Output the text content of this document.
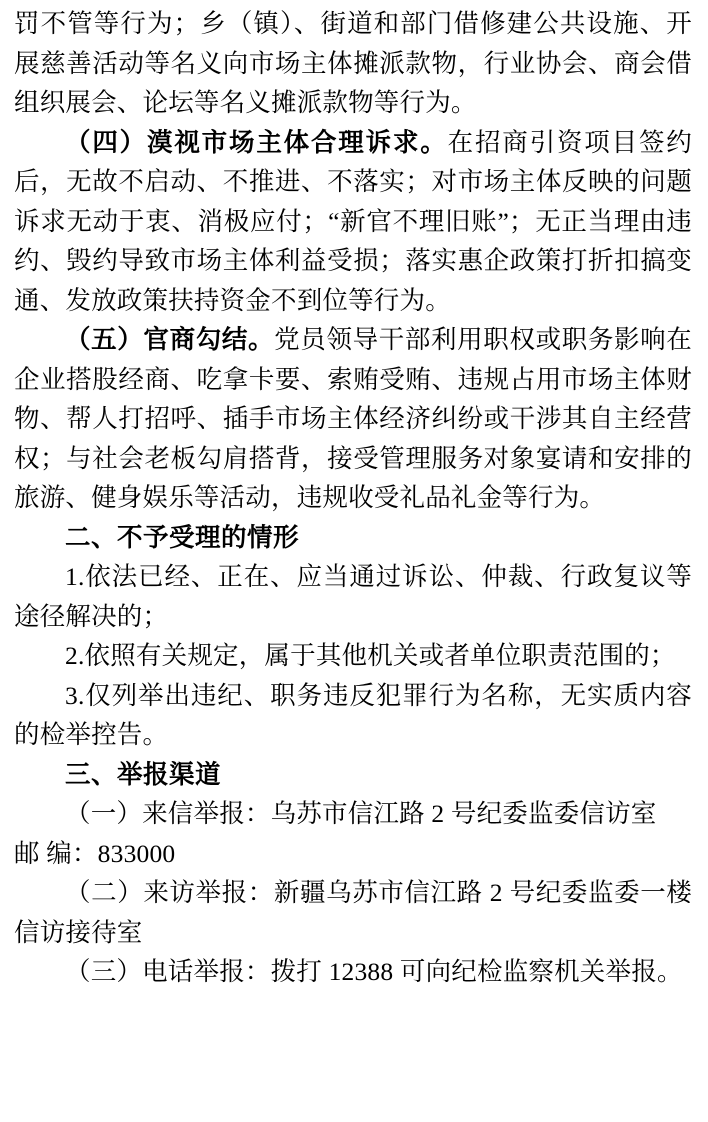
罚不管等行为；乡（镇）、街道和部门借修建公共设施、开展慈善活动等名义向市场主体摊派款物，行业协会、商会借组织展会、论坛等名义摊派款物等行为。

（四）漠视市场主体合理诉求。在招商引资项目签约后，无故不启动、不推进、不落实；对市场主体反映的问题诉求无动于衷、消极应付；“新官不理旧账”；无正当理由违约、毁约导致市场主体利益受损；落实惠企政策打折扣搞变通、发放政策扶持资金不到位等行为。

（五）官商勾结。党员领导干部利用职权或职务影响在企业搭股经商、吃拿卡要、索贿受贿、违规占用市场主体财物、帮人打招呼、插手市场主体经济纠纷或干涉其自主经营权；与社会老板勾肩搭背，接受管理服务对象宴请和安排的旅游、健身娱乐等活动，违规收受礼品礼金等行为。

二、不予受理的情形

1.依法已经、正在、应当通过诉讼、仲裁、行政复议等途径解决的；

2.依照有关规定，属于其他机关或者单位职责范围的；

3.仅列举出违纪、职务违反犯罪行为名称，无实质内容的检举控告。

三、举报渠道

（一）来信举报：乌苏市信江路 2 号纪委监委信访室

邮 编：833000

（二）来访举报：新疆乌苏市信江路 2 号纪委监委一楼信访接待室

（三）电话举报：拨打 12388 可向纪检监察机关举报。
